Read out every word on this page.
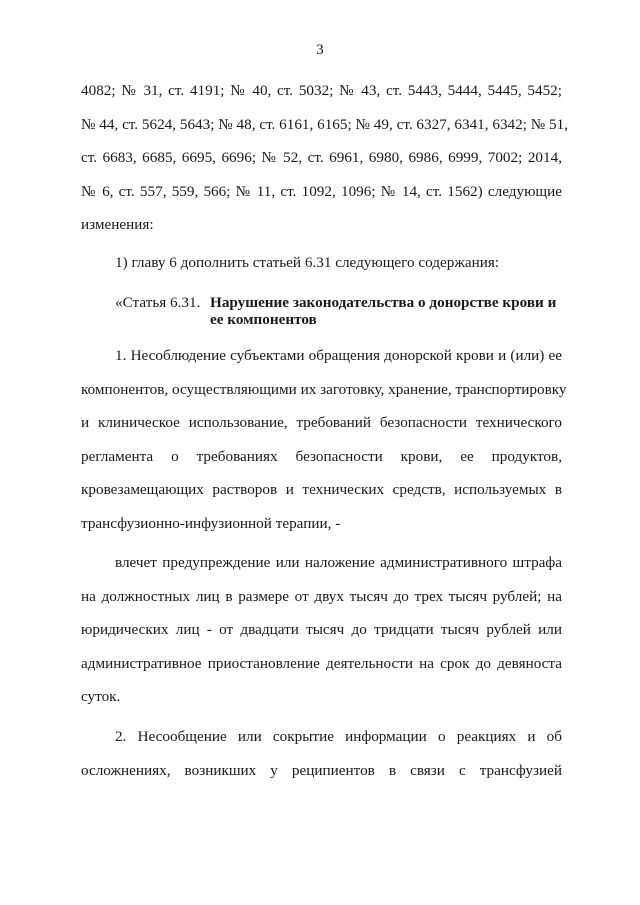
3
4082; № 31, ст. 4191; № 40, ст. 5032; № 43, ст. 5443, 5444, 5445, 5452;
№ 44, ст. 5624, 5643; № 48, ст. 6161, 6165; № 49, ст. 6327, 6341, 6342; № 51,
ст. 6683, 6685, 6695, 6696; № 52, ст. 6961, 6980, 6986, 6999, 7002; 2014,
№ 6, ст. 557, 559, 566; № 11, ст. 1092, 1096; № 14, ст. 1562) следующие
изменения:
1) главу 6 дополнить статьей 6.31 следующего содержания:
«Статья 6.31. Нарушение законодательства о донорстве крови и
ее компонентов
1. Несоблюдение субъектами обращения донорской крови и (или) ее
компонентов, осуществляющими их заготовку, хранение, транспортировку
и клиническое использование, требований безопасности технического
регламента о требованиях безопасности крови, ее продуктов,
кровезамещающих растворов и технических средств, используемых в
трансфузионно-инфузионной терапии, -
влечет предупреждение или наложение административного штрафа
на должностных лиц в размере от двух тысяч до трех тысяч рублей; на
юридических лиц - от двадцати тысяч до тридцати тысяч рублей или
административное приостановление деятельности на срок до девяноста
суток.
2. Несообщение или сокрытие информации о реакциях и об
осложнениях, возникших у реципиентов в связи с трансфузией
